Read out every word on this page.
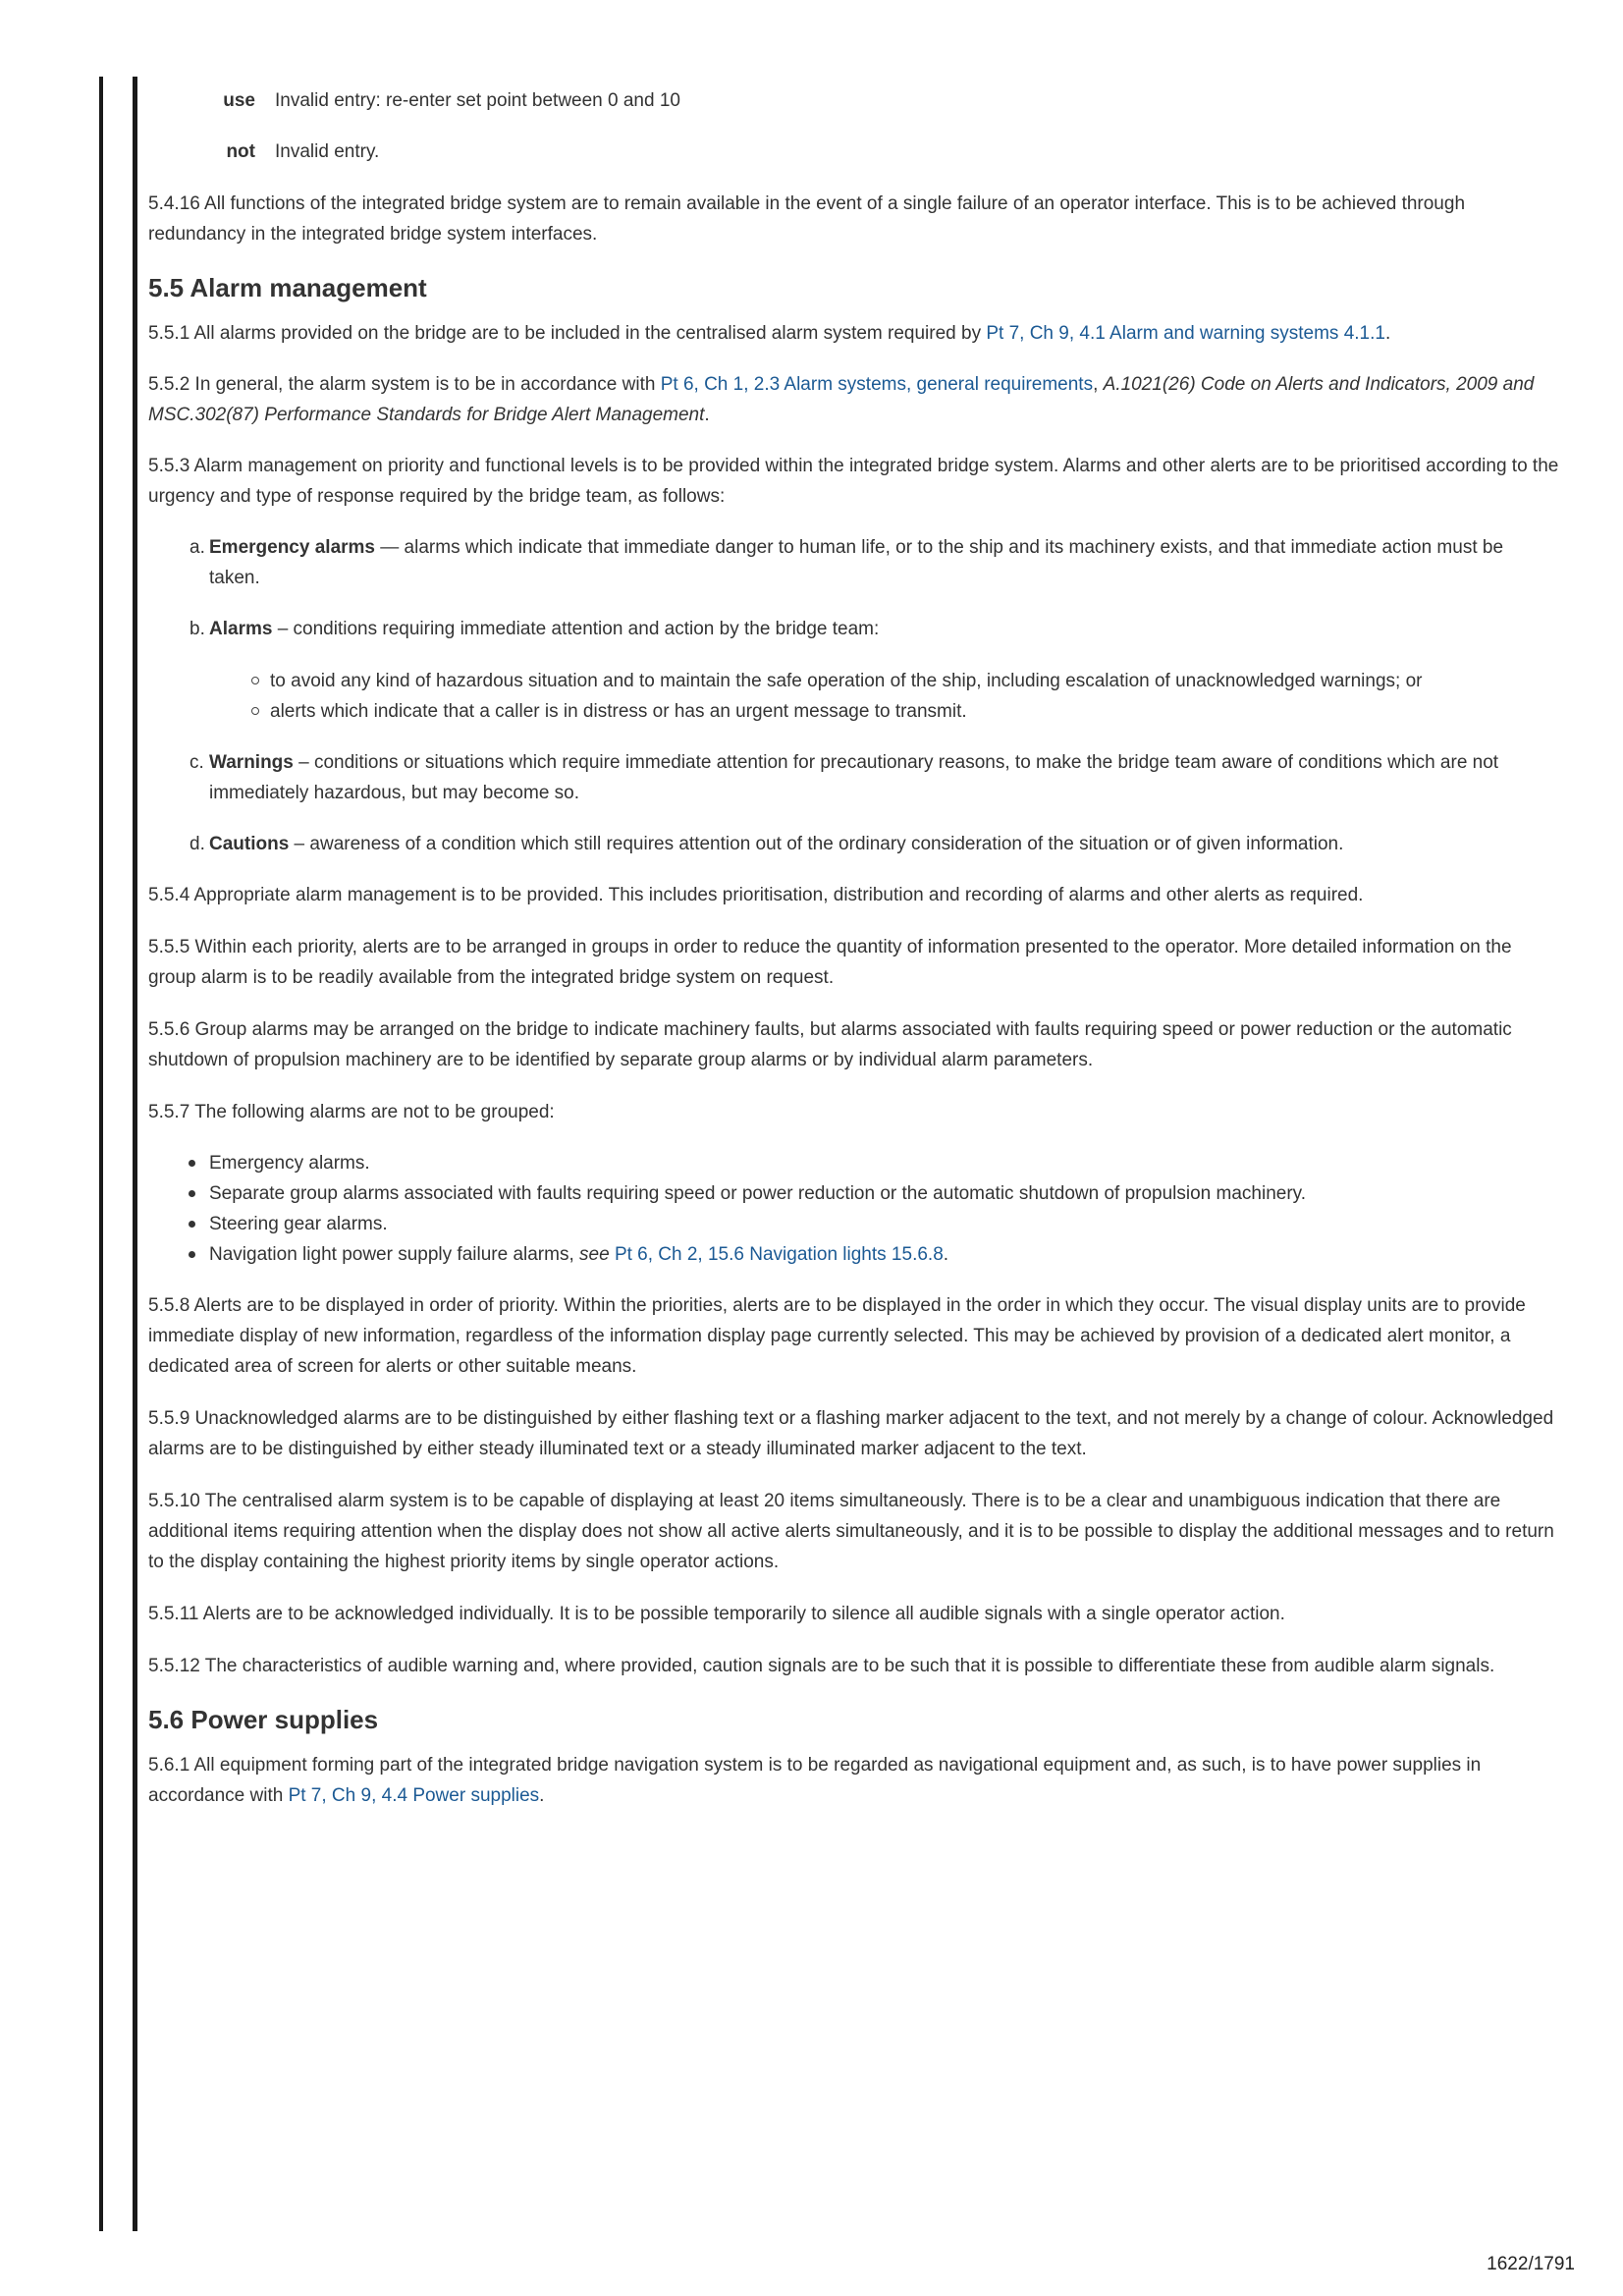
use Invalid entry: re-enter set point between 0 and 10
not Invalid entry.

5.4.16 All functions of the integrated bridge system are to remain available in the event of a single failure of an operator interface. This is to be achieved through redundancy in the integrated bridge system interfaces.

5.5 Alarm management

5.5.1 All alarms provided on the bridge are to be included in the centralised alarm system required by Pt 7, Ch 9, 4.1 Alarm and warning systems 4.1.1.

5.5.2 In general, the alarm system is to be in accordance with Pt 6, Ch 1, 2.3 Alarm systems, general requirements, A.1021(26) Code on Alerts and Indicators, 2009 and MSC.302(87) Performance Standards for Bridge Alert Management.

5.5.3 Alarm management on priority and functional levels is to be provided within the integrated bridge system. Alarms and other alerts are to be prioritised according to the urgency and type of response required by the bridge team, as follows:

a. Emergency alarms — alarms which indicate that immediate danger to human life, or to the ship and its machinery exists, and that immediate action must be taken.
b. Alarms – conditions requiring immediate attention and action by the bridge team:
to avoid any kind of hazardous situation and to maintain the safe operation of the ship, including escalation of unacknowledged warnings; or
alerts which indicate that a caller is in distress or has an urgent message to transmit.
c. Warnings – conditions or situations which require immediate attention for precautionary reasons, to make the bridge team aware of conditions which are not immediately hazardous, but may become so.
d. Cautions – awareness of a condition which still requires attention out of the ordinary consideration of the situation or of given information.

5.5.4 Appropriate alarm management is to be provided. This includes prioritisation, distribution and recording of alarms and other alerts as required.

5.5.5 Within each priority, alerts are to be arranged in groups in order to reduce the quantity of information presented to the operator. More detailed information on the group alarm is to be readily available from the integrated bridge system on request.

5.5.6 Group alarms may be arranged on the bridge to indicate machinery faults, but alarms associated with faults requiring speed or power reduction or the automatic shutdown of propulsion machinery are to be identified by separate group alarms or by individual alarm parameters.

5.5.7 The following alarms are not to be grouped:

Emergency alarms.
Separate group alarms associated with faults requiring speed or power reduction or the automatic shutdown of propulsion machinery.
Steering gear alarms.
Navigation light power supply failure alarms, see Pt 6, Ch 2, 15.6 Navigation lights 15.6.8.

5.5.8 Alerts are to be displayed in order of priority. Within the priorities, alerts are to be displayed in the order in which they occur. The visual display units are to provide immediate display of new information, regardless of the information display page currently selected. This may be achieved by provision of a dedicated alert monitor, a dedicated area of screen for alerts or other suitable means.

5.5.9 Unacknowledged alarms are to be distinguished by either flashing text or a flashing marker adjacent to the text, and not merely by a change of colour. Acknowledged alarms are to be distinguished by either steady illuminated text or a steady illuminated marker adjacent to the text.

5.5.10 The centralised alarm system is to be capable of displaying at least 20 items simultaneously. There is to be a clear and unambiguous indication that there are additional items requiring attention when the display does not show all active alerts simultaneously, and it is to be possible to display the additional messages and to return to the display containing the highest priority items by single operator actions.

5.5.11 Alerts are to be acknowledged individually. It is to be possible temporarily to silence all audible signals with a single operator action.

5.5.12 The characteristics of audible warning and, where provided, caution signals are to be such that it is possible to differentiate these from audible alarm signals.

5.6 Power supplies

5.6.1 All equipment forming part of the integrated bridge navigation system is to be regarded as navigational equipment and, as such, is to have power supplies in accordance with Pt 7, Ch 9, 4.4 Power supplies.

1622/1791
